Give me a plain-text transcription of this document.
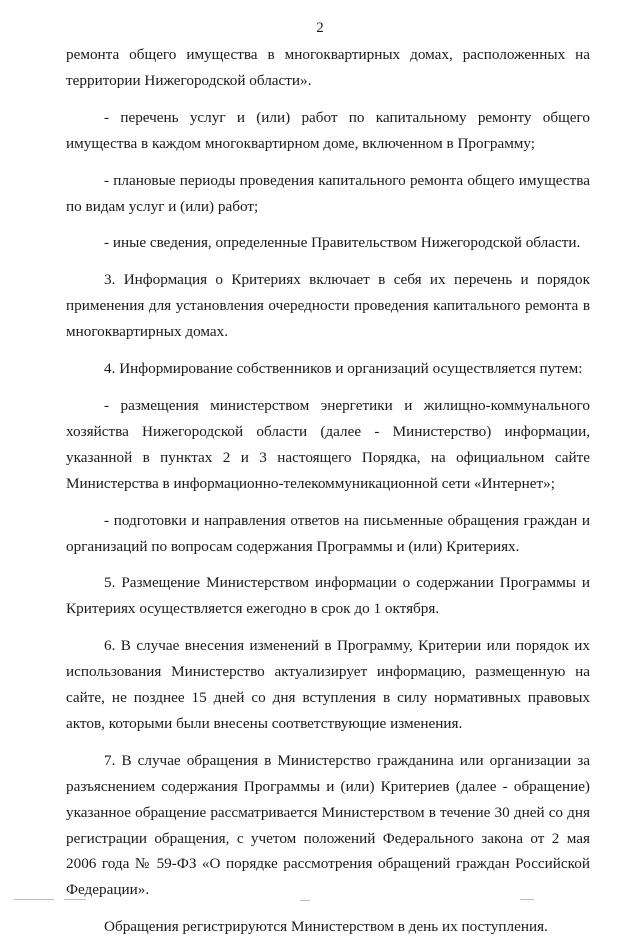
2

ремонта общего имущества в многоквартирных домах, расположенных на территории Нижегородской области».

- перечень услуг и (или) работ по капитальному ремонту общего имущества в каждом многоквартирном доме, включенном в Программу;

- плановые периоды проведения капитального ремонта общего имущества по видам услуг и (или) работ;

- иные сведения, определенные Правительством Нижегородской области.

3. Информация о Критериях включает в себя их перечень и порядок применения для установления очередности проведения капитального ремонта в многоквартирных домах.

4. Информирование собственников и организаций осуществляется путем:

- размещения министерством энергетики и жилищно-коммунального хозяйства Нижегородской области (далее - Министерство) информации, указанной в пунктах 2 и 3 настоящего Порядка, на официальном сайте Министерства в информационно-телекоммуникационной сети «Интернет»;

- подготовки и направления ответов на письменные обращения граждан и организаций по вопросам содержания Программы и (или) Критериях.

5. Размещение Министерством информации о содержании Программы и Критериях осуществляется ежегодно в срок до 1 октября.

6. В случае внесения изменений в Программу, Критерии или порядок их использования Министерство актуализирует информацию, размещенную на сайте, не позднее 15 дней со дня вступления в силу нормативных правовых актов, которыми были внесены соответствующие изменения.

7. В случае обращения в Министерство гражданина или организации за разъяснением содержания Программы и (или) Критериев (далее - обращение) указанное обращение рассматривается Министерством в течение 30 дней со дня регистрации обращения, с учетом положений Федерального закона от 2 мая 2006 года № 59-ФЗ «О порядке рассмотрения обращений граждан Российской Федерации».

Обращения регистрируются Министерством в день их поступления.
